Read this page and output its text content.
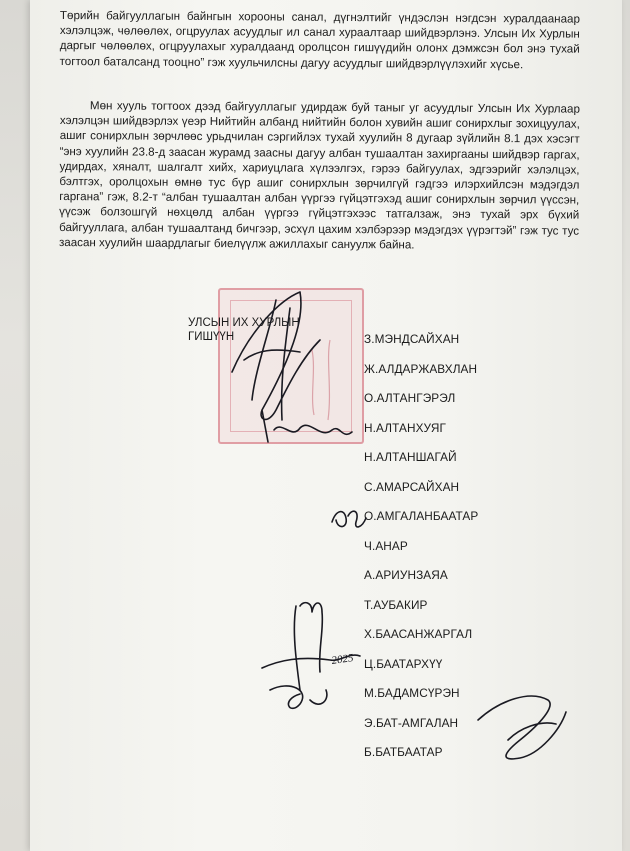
Төрийн байгууллагын байнгын хорооны санал, дүгнэлтийг үндэслэн нэгдсэн хуралдаанаар хэлэлцэж, чөлөөлөх, огцруулах асуудлыг ил санал хураалтаар шийдвэрлэнэ. Улсын Их Хурлын даргыг чөлөөлөх, огцруулахыг хуралдаанд оролцсон гишүүдийн олонх дэмжсэн бол энэ тухай тогтоол баталсанд тооцно” гэж хуульчилсны дагуу асуудлыг шийдвэрлүүлэхийг хүсье.

Мөн хууль тогтоох дээд байгууллагыг удирдаж буй таныг уг асуудлыг Улсын Их Хурлаар хэлэлцэн шийдвэрлэх үеэр Нийтийн албанд нийтийн болон хувийн ашиг сонирхлыг зохицуулах, ашиг сонирхлын зөрчлөөс урьдчилан сэргийлэх тухай хуулийн 8 дугаар зүйлийн 8.1 дэх хэсэгт “энэ хуулийн 23.8-д заасан журамд заасны дагуу албан тушаалтан захиргааны шийдвэр гаргах, удирдах, хяналт, шалгалт хийх, хариуцлага хүлээлгэх, гэрээ байгуулах, эдгээрийг хэлэлцэх, бэлтгэх, оролцохын өмнө тус бүр ашиг сонирхлын зөрчилгүй гэдгээ илэрхийлсэн мэдэгдэл гаргана” гэж, 8.2-т “албан тушаалтан албан үүргээ гүйцэтгэхэд ашиг сонирхлын зөрчил үүссэн, үүсэж болзошгүй нөхцөлд албан үүргээ гүйцэтгэхээс татгалзаж, энэ тухай эрх бүхий байгууллага, албан тушаалтанд бичгээр, эсхүл цахим хэлбэрээр мэдэгдэх үүрэгтэй” гэж тус тус заасан хуулийн шаардлагыг биелүүлж ажиллахыг сануулж байна.

УЛСЫН ИХ ХУРЛЫН
ГИШҮҮН	З.МЭНДСАЙХАН
Ж.АЛДАРЖАВХЛАН
О.АЛТАНГЭРЭЛ
Н.АЛТАНХУЯГ
Н.АЛТАНШАГАЙ
С.АМАРСАЙХАН
О.АМГАЛАНБААТАР
Ч.АНАР
А.АРИУНЗАЯА
Т.АУБАКИР
Х.БААСАНЖАРГАЛ
Ц.БААТАРХҮҮ
М.БАДАМСҮРЭН
Э.БАТ-АМГАЛАН
Б.БАТБААТАР
2025
